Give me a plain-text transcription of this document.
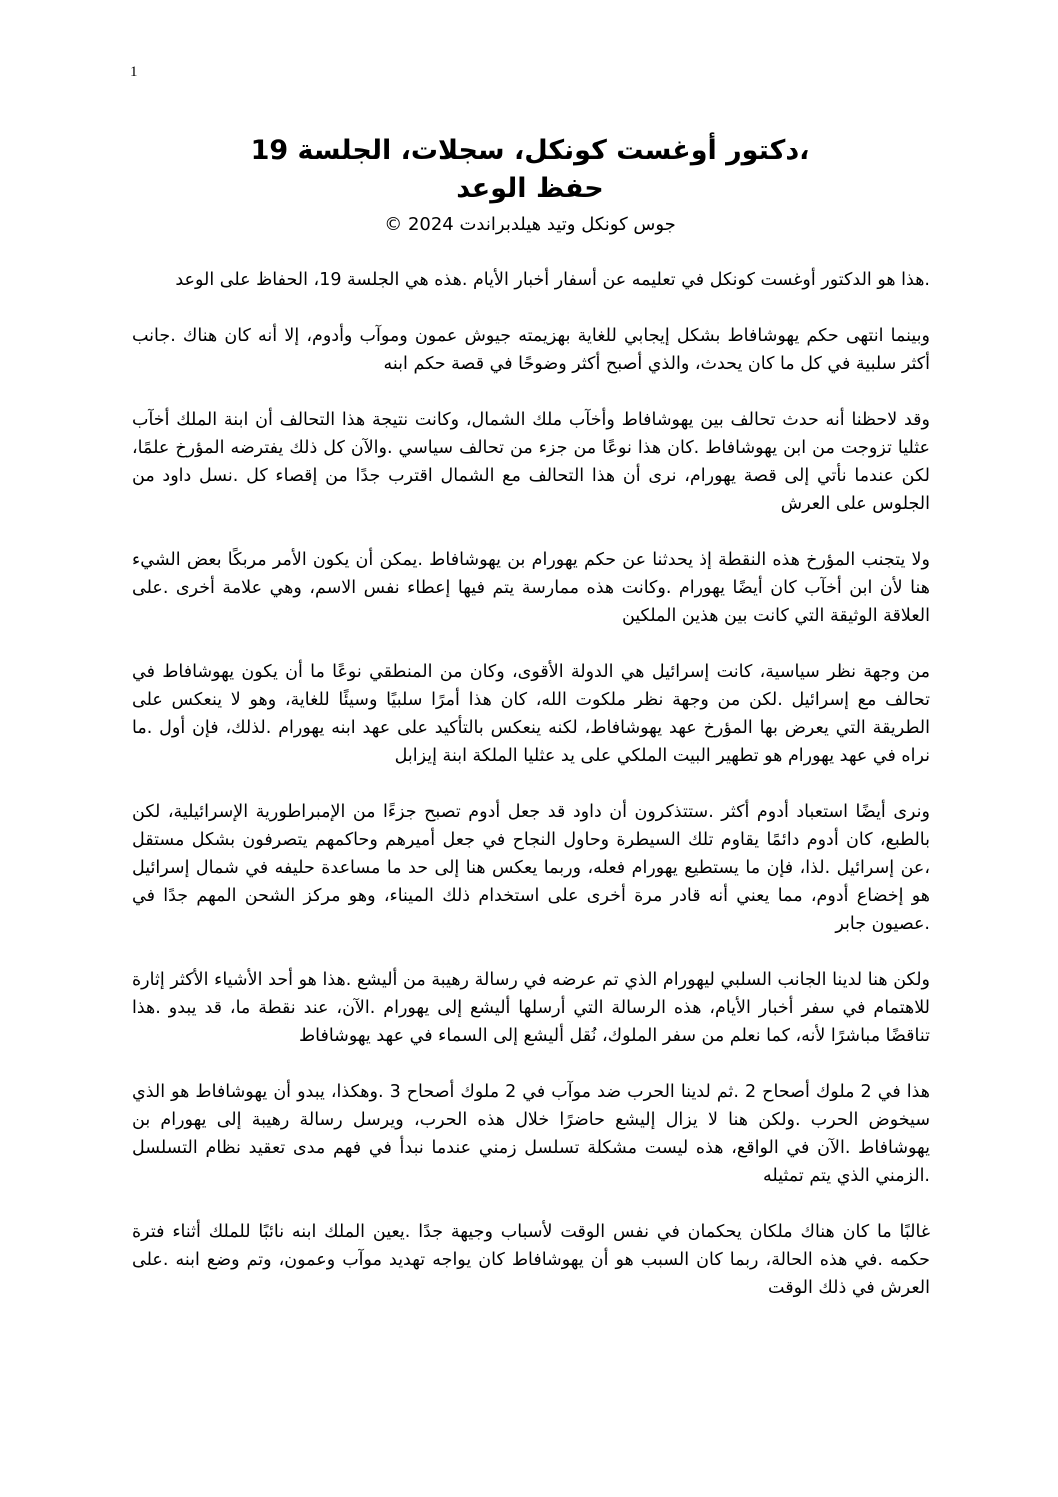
1
،دكتور أوغست كونكل، سجلات، الجلسة 19
حفظ الوعد
جوس كونكل وتيد هيلدبراندت 2024 ©

.هذا هو الدكتور أوغست كونكل في تعليمه عن أسفار أخبار الأيام .هذه هي الجلسة 19، الحفاظ على الوعد

وبينما انتهى حكم يهوشافاط بشكل إيجابي للغاية بهزيمته جيوش عمون وموآب وأدوم، إلا أنه كان هناك .جانب أكثر سلبية في كل ما كان يحدث، والذي أصبح أكثر وضوحًا في قصة حكم ابنه

وقد لاحظنا أنه حدث تحالف بين يهوشافاط وأخآب ملك الشمال، وكانت نتيجة هذا التحالف أن ابنة الملك أخآب عثليا تزوجت من ابن يهوشافاط .كان هذا نوعًا من جزء من تحالف سياسي .والآن كل ذلك يفترضه المؤرخ علمًا، لكن عندما نأتي إلى قصة يهورام، نرى أن هذا التحالف مع الشمال اقترب جدًا من إقصاء كل .نسل داود من الجلوس على العرش

ولا يتجنب المؤرخ هذه النقطة إذ يحدثنا عن حكم يهورام بن يهوشافاط .يمكن أن يكون الأمر مربكًا بعض الشيء هنا لأن ابن أخآب كان أيضًا يهورام .وكانت هذه ممارسة يتم فيها إعطاء نفس الاسم، وهي علامة أخرى .على العلاقة الوثيقة التي كانت بين هذين الملكين

من وجهة نظر سياسية، كانت إسرائيل هي الدولة الأقوى، وكان من المنطقي نوعًا ما أن يكون يهوشافاط في تحالف مع إسرائيل .لكن من وجهة نظر ملكوت الله، كان هذا أمرًا سلبيًا وسيئًا للغاية، وهو لا ينعكس على الطريقة التي يعرض بها المؤرخ عهد يهوشافاط، لكنه ينعكس بالتأكيد على عهد ابنه يهورام .لذلك، فإن أول .ما نراه في عهد يهورام هو تطهير البيت الملكي على يد عثليا الملكة ابنة إيزابل

ونرى أيضًا استعباد أدوم أكثر .ستتذكرون أن داود قد جعل أدوم تصبح جزءًا من الإمبراطورية الإسرائيلية، لكن بالطبع، كان أدوم دائمًا يقاوم تلك السيطرة وحاول النجاح في جعل أميرهم وحاكمهم يتصرفون بشكل مستقل ،عن إسرائيل .لذا، فإن ما يستطيع يهورام فعله، وربما يعكس هنا إلى حد ما مساعدة حليفه في شمال إسرائيل هو إخضاع أدوم، مما يعني أنه قادر مرة أخرى على استخدام ذلك الميناء، وهو مركز الشحن المهم جدًا في .عصيون جابر

ولكن هنا لدينا الجانب السلبي ليهورام الذي تم عرضه في رسالة رهيبة من أليشع .هذا هو أحد الأشياء الأكثر إثارة للاهتمام في سفر أخبار الأيام، هذه الرسالة التي أرسلها أليشع إلى يهورام .الآن، عند نقطة ما، قد يبدو .هذا تناقضًا مباشرًا لأنه، كما نعلم من سفر الملوك، نُقل أليشع إلى السماء في عهد يهوشافاط

هذا في 2 ملوك أصحاح 2 .ثم لدينا الحرب ضد موآب في 2 ملوك أصحاح 3 .وهكذا، يبدو أن يهوشافاط هو الذي سيخوض الحرب .ولكن هنا لا يزال إليشع حاضرًا خلال هذه الحرب، ويرسل رسالة رهيبة إلى يهورام بن يهوشافاط .الآن في الواقع، هذه ليست مشكلة تسلسل زمني عندما نبدأ في فهم مدى تعقيد نظام التسلسل .الزمني الذي يتم تمثيله

غالبًا ما كان هناك ملكان يحكمان في نفس الوقت لأسباب وجيهة جدًا .يعين الملك ابنه نائبًا للملك أثناء فترة حكمه .في هذه الحالة، ربما كان السبب هو أن يهوشافاط كان يواجه تهديد موآب وعمون، وتم وضع ابنه .على العرش في ذلك الوقت
